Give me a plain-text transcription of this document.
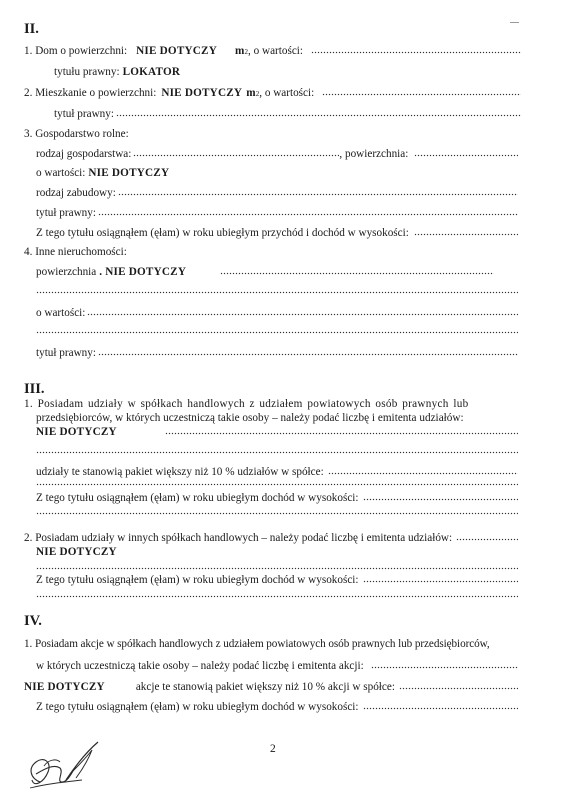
II.
1. Dom o powierzchni: NIE DOTYCZY m 2 , o wartości:
tytułu prawny: LOKATOR
2. Mieszkanie o powierzchni: NIE DOTYCZY m 2 , o wartości:
tytuł prawny:
3. Gospodarstwo rolne:
rodzaj gospodarstwa:	, powierzchnia:
o wartości: NIE DOTYCZY
rodzaj zabudowy:
tytuł prawny:
Z tego tytułu osiągnąłem (ęłam) w roku ubiegłym przychód i dochód w wysokości:
4. Inne nieruchomości:
powierzchnia . NIE DOTYCZY
o wartości:
tytuł prawny:
III.
1. Posiadam udziały w spółkach handlowych z udziałem powiatowych osób prawnych lub
przedsiębiorców, w których uczestniczą takie osoby – należy podać liczbę i emitenta udziałów:
NIE DOTYCZY
udziały te stanowią pakiet większy niż 10 % udziałów w spółce:
Z tego tytułu osiągnąłem (ęłam) w roku ubiegłym dochód w wysokości:
2. Posiadam udziały w innych spółkach handlowych – należy podać liczbę i emitenta udziałów:
NIE DOTYCZY
Z tego tytułu osiągnąłem (ęłam) w roku ubiegłym dochód w wysokości:
IV.
1. Posiadam akcje w spółkach handlowych z udziałem powiatowych osób prawnych lub przedsiębiorców,
w których uczestniczą takie osoby – należy podać liczbę i emitenta akcji:
NIE DOTYCZY	akcje te stanowią pakiet większy niż 10 % akcji w spółce:
Z tego tytułu osiągnąłem (ęłam) w roku ubiegłym dochód w wysokości:
2
